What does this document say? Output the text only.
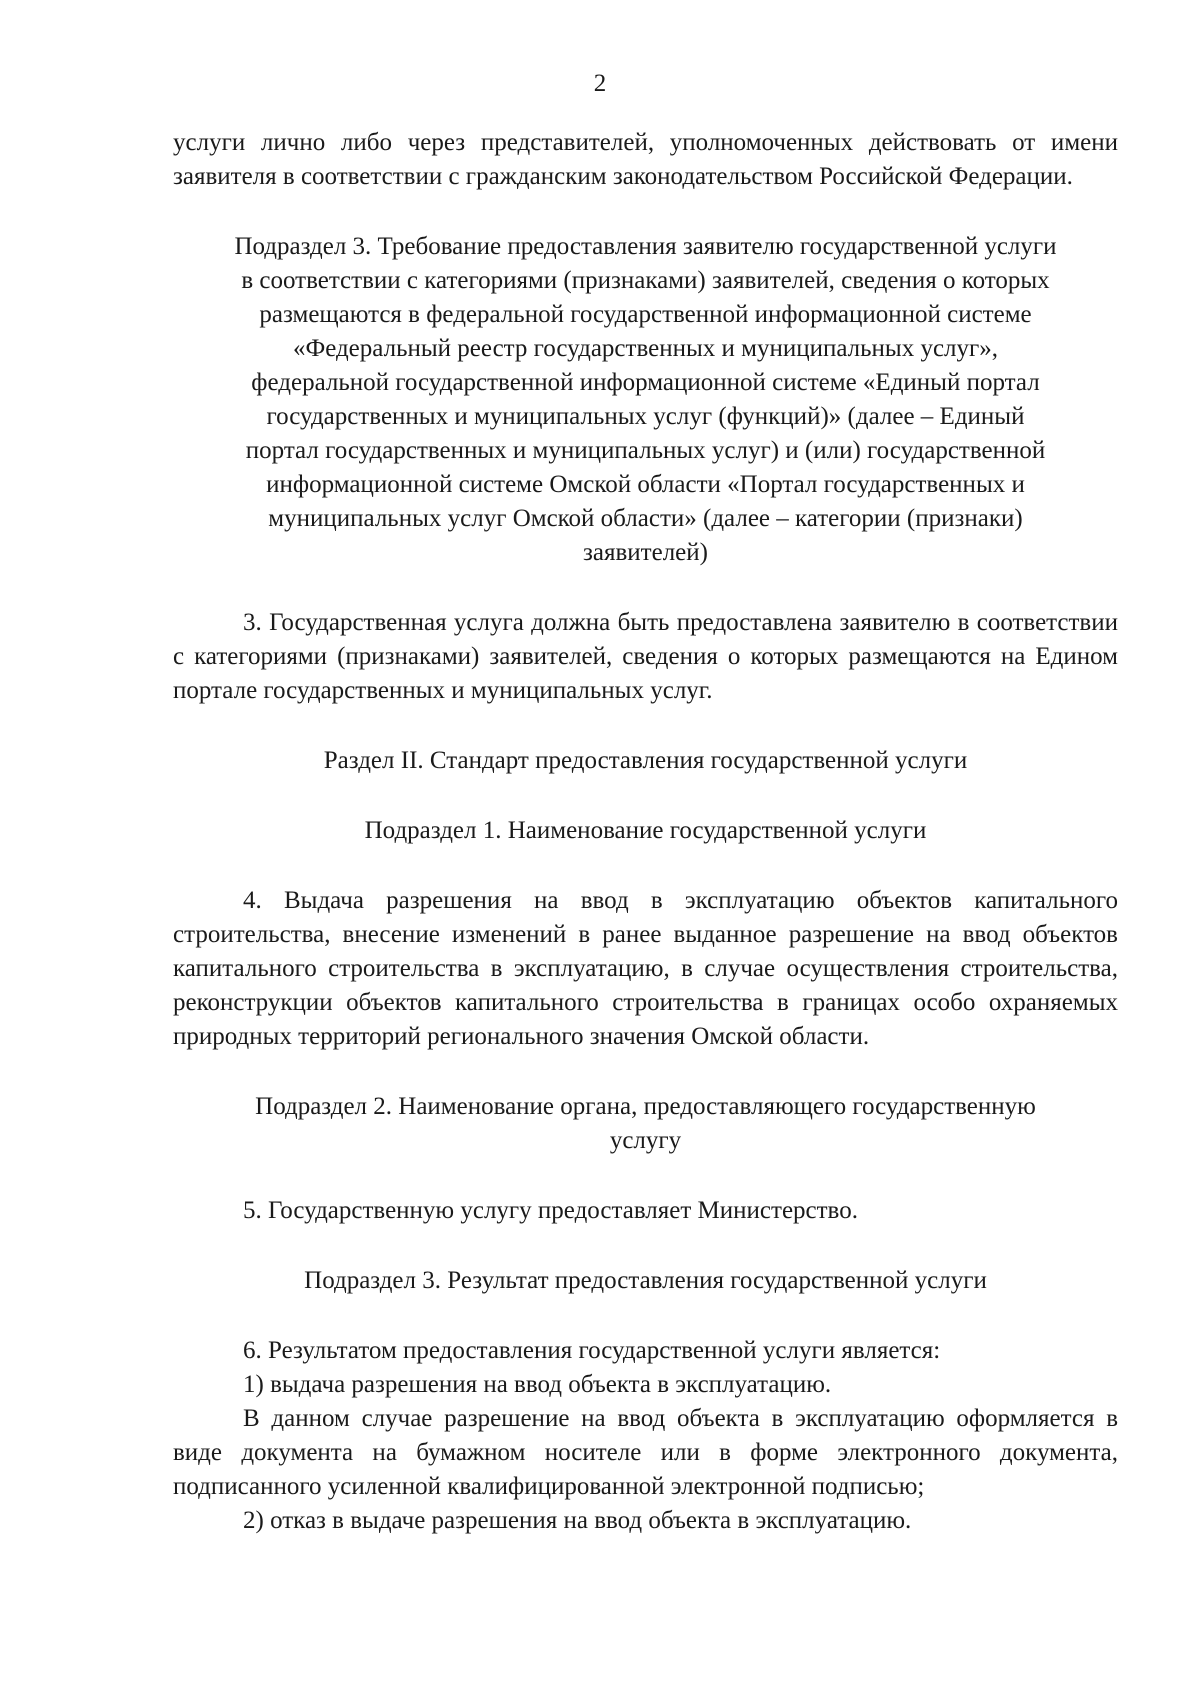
2

услуги лично либо через представителей, уполномоченных действовать от имени заявителя в соответствии с гражданским законодательством Российской Федерации.

Подраздел 3. Требование предоставления заявителю государственной услуги
в соответствии с категориями (признаками) заявителей, сведения о которых
размещаются в федеральной государственной информационной системе
«Федеральный реестр государственных и муниципальных услуг»,
федеральной государственной информационной системе «Единый портал
государственных и муниципальных услуг (функций)» (далее – Единый
портал государственных и муниципальных услуг) и (или) государственной
информационной системе Омской области «Портал государственных и
муниципальных услуг Омской области» (далее – категории (признаки)
заявителей)

3. Государственная услуга должна быть предоставлена заявителю в соответствии с категориями (признаками) заявителей, сведения о которых размещаются на Едином портале государственных и муниципальных услуг.

Раздел II. Стандарт предоставления государственной услуги

Подраздел 1. Наименование государственной услуги

4. Выдача разрешения на ввод в эксплуатацию объектов капитального строительства, внесение изменений в ранее выданное разрешение на ввод объектов капитального строительства в эксплуатацию, в случае осуществления строительства, реконструкции объектов капитального строительства в границах особо охраняемых природных территорий регионального значения Омской области.

Подраздел 2. Наименование органа, предоставляющего государственную
услугу

5. Государственную услугу предоставляет Министерство.

Подраздел 3. Результат предоставления государственной услуги

6. Результатом предоставления государственной услуги является:

1) выдача разрешения на ввод объекта в эксплуатацию.

В данном случае разрешение на ввод объекта в эксплуатацию оформляется в виде документа на бумажном носителе или в форме электронного документа, подписанного усиленной квалифицированной электронной подписью;

2) отказ в выдаче разрешения на ввод объекта в эксплуатацию.
